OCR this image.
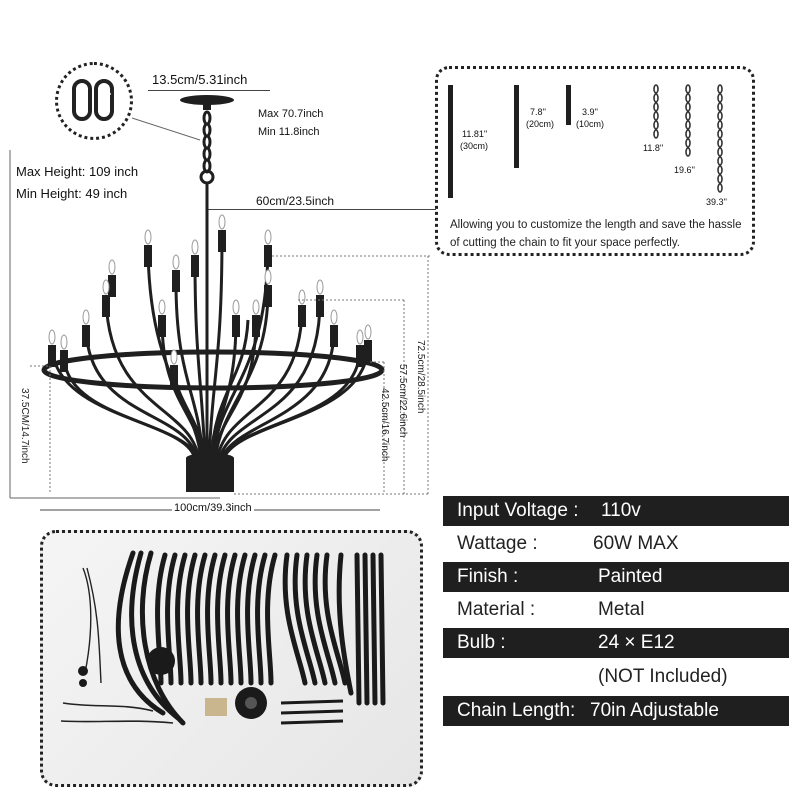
13.5cm/5.31inch
Max 70.7inch
Min 11.8inch
Max Height: 109 inch
Min Height: 49 inch	60cm/23.5inch
72.5cm/28.5inch
57.5cm/22.6inch
42.5cm/16.7inch
37.5CM/14.7inch
100cm/39.3inch
11.81''
(30cm)
7.8''
(20cm)
3.9''
(10cm)
11.8''
19.6''
39.3''
Allowing you to customize the length and save the hassle of cutting the chain to fit your space perfectly.
Input Voltage : 110v
Wattage :	60W MAX
Finish :	Painted
Material :	Metal
Bulb :	24 × E12
(NOT Included)
Chain Length: 70in Adjustable
